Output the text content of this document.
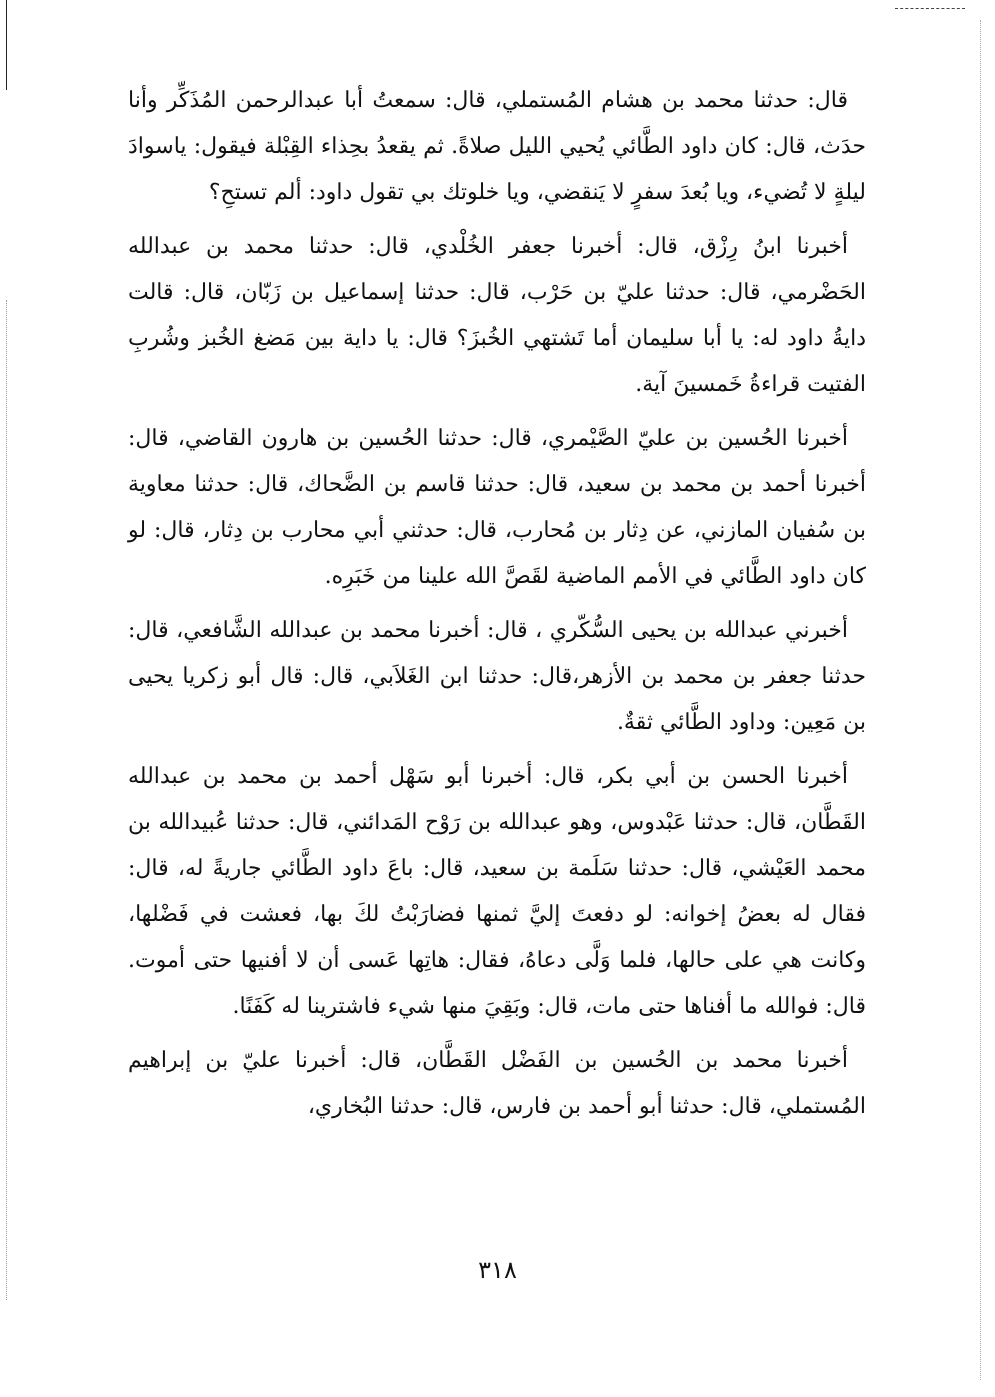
قال: حدثنا محمد بن هشام المُستملي، قال: سمعتُ أبا عبدالرحمن المُذَكِّر وأنا حدَث، قال: كان داود الطَّائي يُحيي الليل صلاةً. ثم يقعدُ بحِذاء القِبْلة فيقول: ياسوادَ ليلةٍ لا تُضيء، ويا بُعدَ سفرٍ لا يَنقضي، ويا خلوتك بي تقول داود: ألم تستحِ؟

أخبرنا ابنُ رِزْق، قال: أخبرنا جعفر الخُلْدي، قال: حدثنا محمد بن عبدالله الحَضْرمي، قال: حدثنا عليّ بن حَرْب، قال: حدثنا إسماعيل بن زَبّان، قال: قالت دايةُ داود له: يا أبا سليمان أما تَشتهي الخُبزَ؟ قال: يا داية بين مَضغ الخُبز وشُربِ الفتيت قراءةُ خَمسينَ آية.

أخبرنا الحُسين بن عليّ الصَّيْمري، قال: حدثنا الحُسين بن هارون القاضي، قال: أخبرنا أحمد بن محمد بن سعيد، قال: حدثنا قاسم بن الضَّحاك، قال: حدثنا معاوية بن سُفيان المازني، عن دِثار بن مُحارب، قال: حدثني أبي محارب بن دِثار، قال: لو كان داود الطَّائي في الأمم الماضية لقَصَّ الله علينا من خَبَرِه.

أخبرني عبدالله بن يحيى السُّكّري ، قال: أخبرنا محمد بن عبدالله الشَّافعي، قال: حدثنا جعفر بن محمد بن الأزهر،قال: حدثنا ابن الغَلاَبي، قال: قال أبو زكريا يحيى بن مَعِين: وداود الطَّائي ثقةٌ.

أخبرنا الحسن بن أبي بكر، قال: أخبرنا أبو سَهْل أحمد بن محمد بن عبدالله القَطَّان، قال: حدثنا عَبْدوس، وهو عبدالله بن رَوْح المَدائني، قال: حدثنا عُبيدالله بن محمد العَيْشي، قال: حدثنا سَلَمة بن سعيد، قال: باعَ داود الطَّائي جاريةً له، قال: فقال له بعضُ إخوانه: لو دفعتَ إليَّ ثمنها فضارَبْتُ لكَ بها، فعشت في فَضْلها، وكانت هي على حالها، فلما وَلَّى دعاهُ، فقال: هاتِها عَسى أن لا أفنيها حتى أموت. قال: فوالله ما أفناها حتى مات، قال: وبَقِيَ منها شيء فاشترينا له كَفَنًا.

أخبرنا محمد بن الحُسين بن الفَضْل القَطَّان، قال: أخبرنا عليّ بن إبراهيم المُستملي، قال: حدثنا أبو أحمد بن فارس، قال: حدثنا البُخاري،

٣١٨
